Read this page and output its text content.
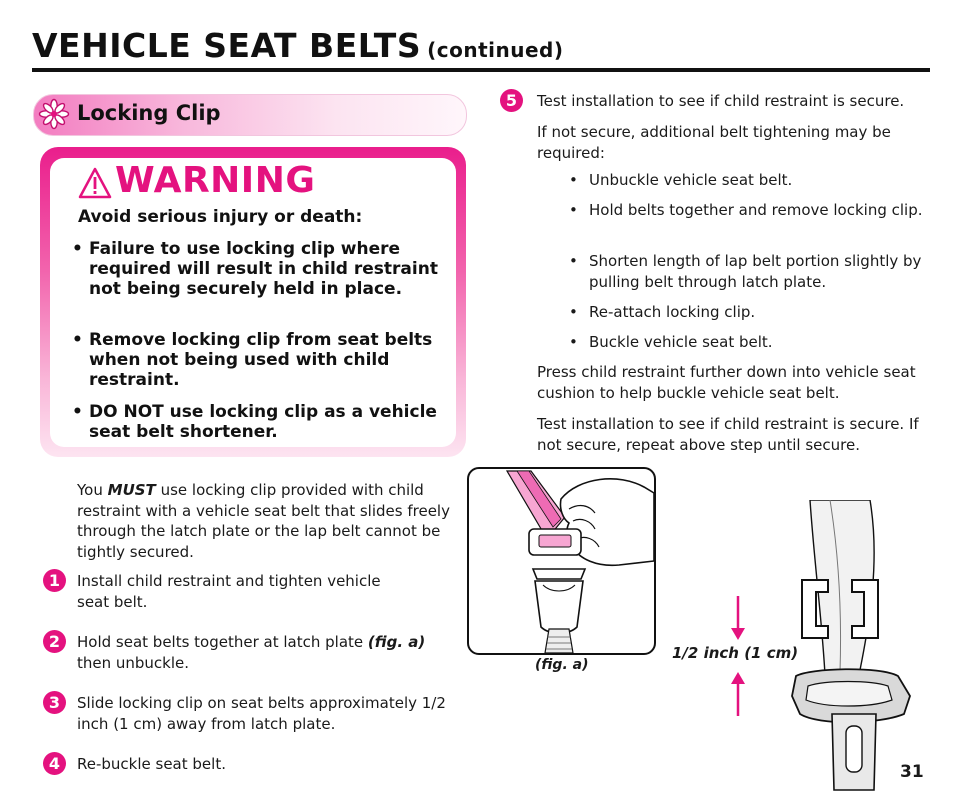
VEHICLE SEAT BELTS (continued)
Locking Clip
WARNING
Avoid serious injury or death:
• Failure to use locking clip where required will result in child restraint not being securely held in place.
• Remove locking clip from seat belts when not being used with child restraint.
• DO NOT use locking clip as a vehicle seat belt shortener.
You MUST use locking clip provided with child restraint with a vehicle seat belt that slides freely through the latch plate or the lap belt cannot be tightly secured.
1	Install child restraint and tighten vehicle seat belt.
2	Hold seat belts together at latch plate (fig. a) then unbuckle.
3	Slide locking clip on seat belts approximately 1/2 inch (1 cm) away from latch plate.
4	Re-buckle seat belt.
5	Test installation to see if child restraint is secure.
If not secure, additional belt tightening may be required:
• Unbuckle vehicle seat belt.
• Hold belts together and remove locking clip.
• Shorten length of lap belt portion slightly by pulling belt through latch plate.
• Re-attach locking clip.
• Buckle vehicle seat belt.
Press child restraint further down into vehicle seat cushion to help buckle vehicle seat belt.
Test installation to see if child restraint is secure. If not secure, repeat above step until secure.
(fig. a)
1/2 inch (1 cm)
31
